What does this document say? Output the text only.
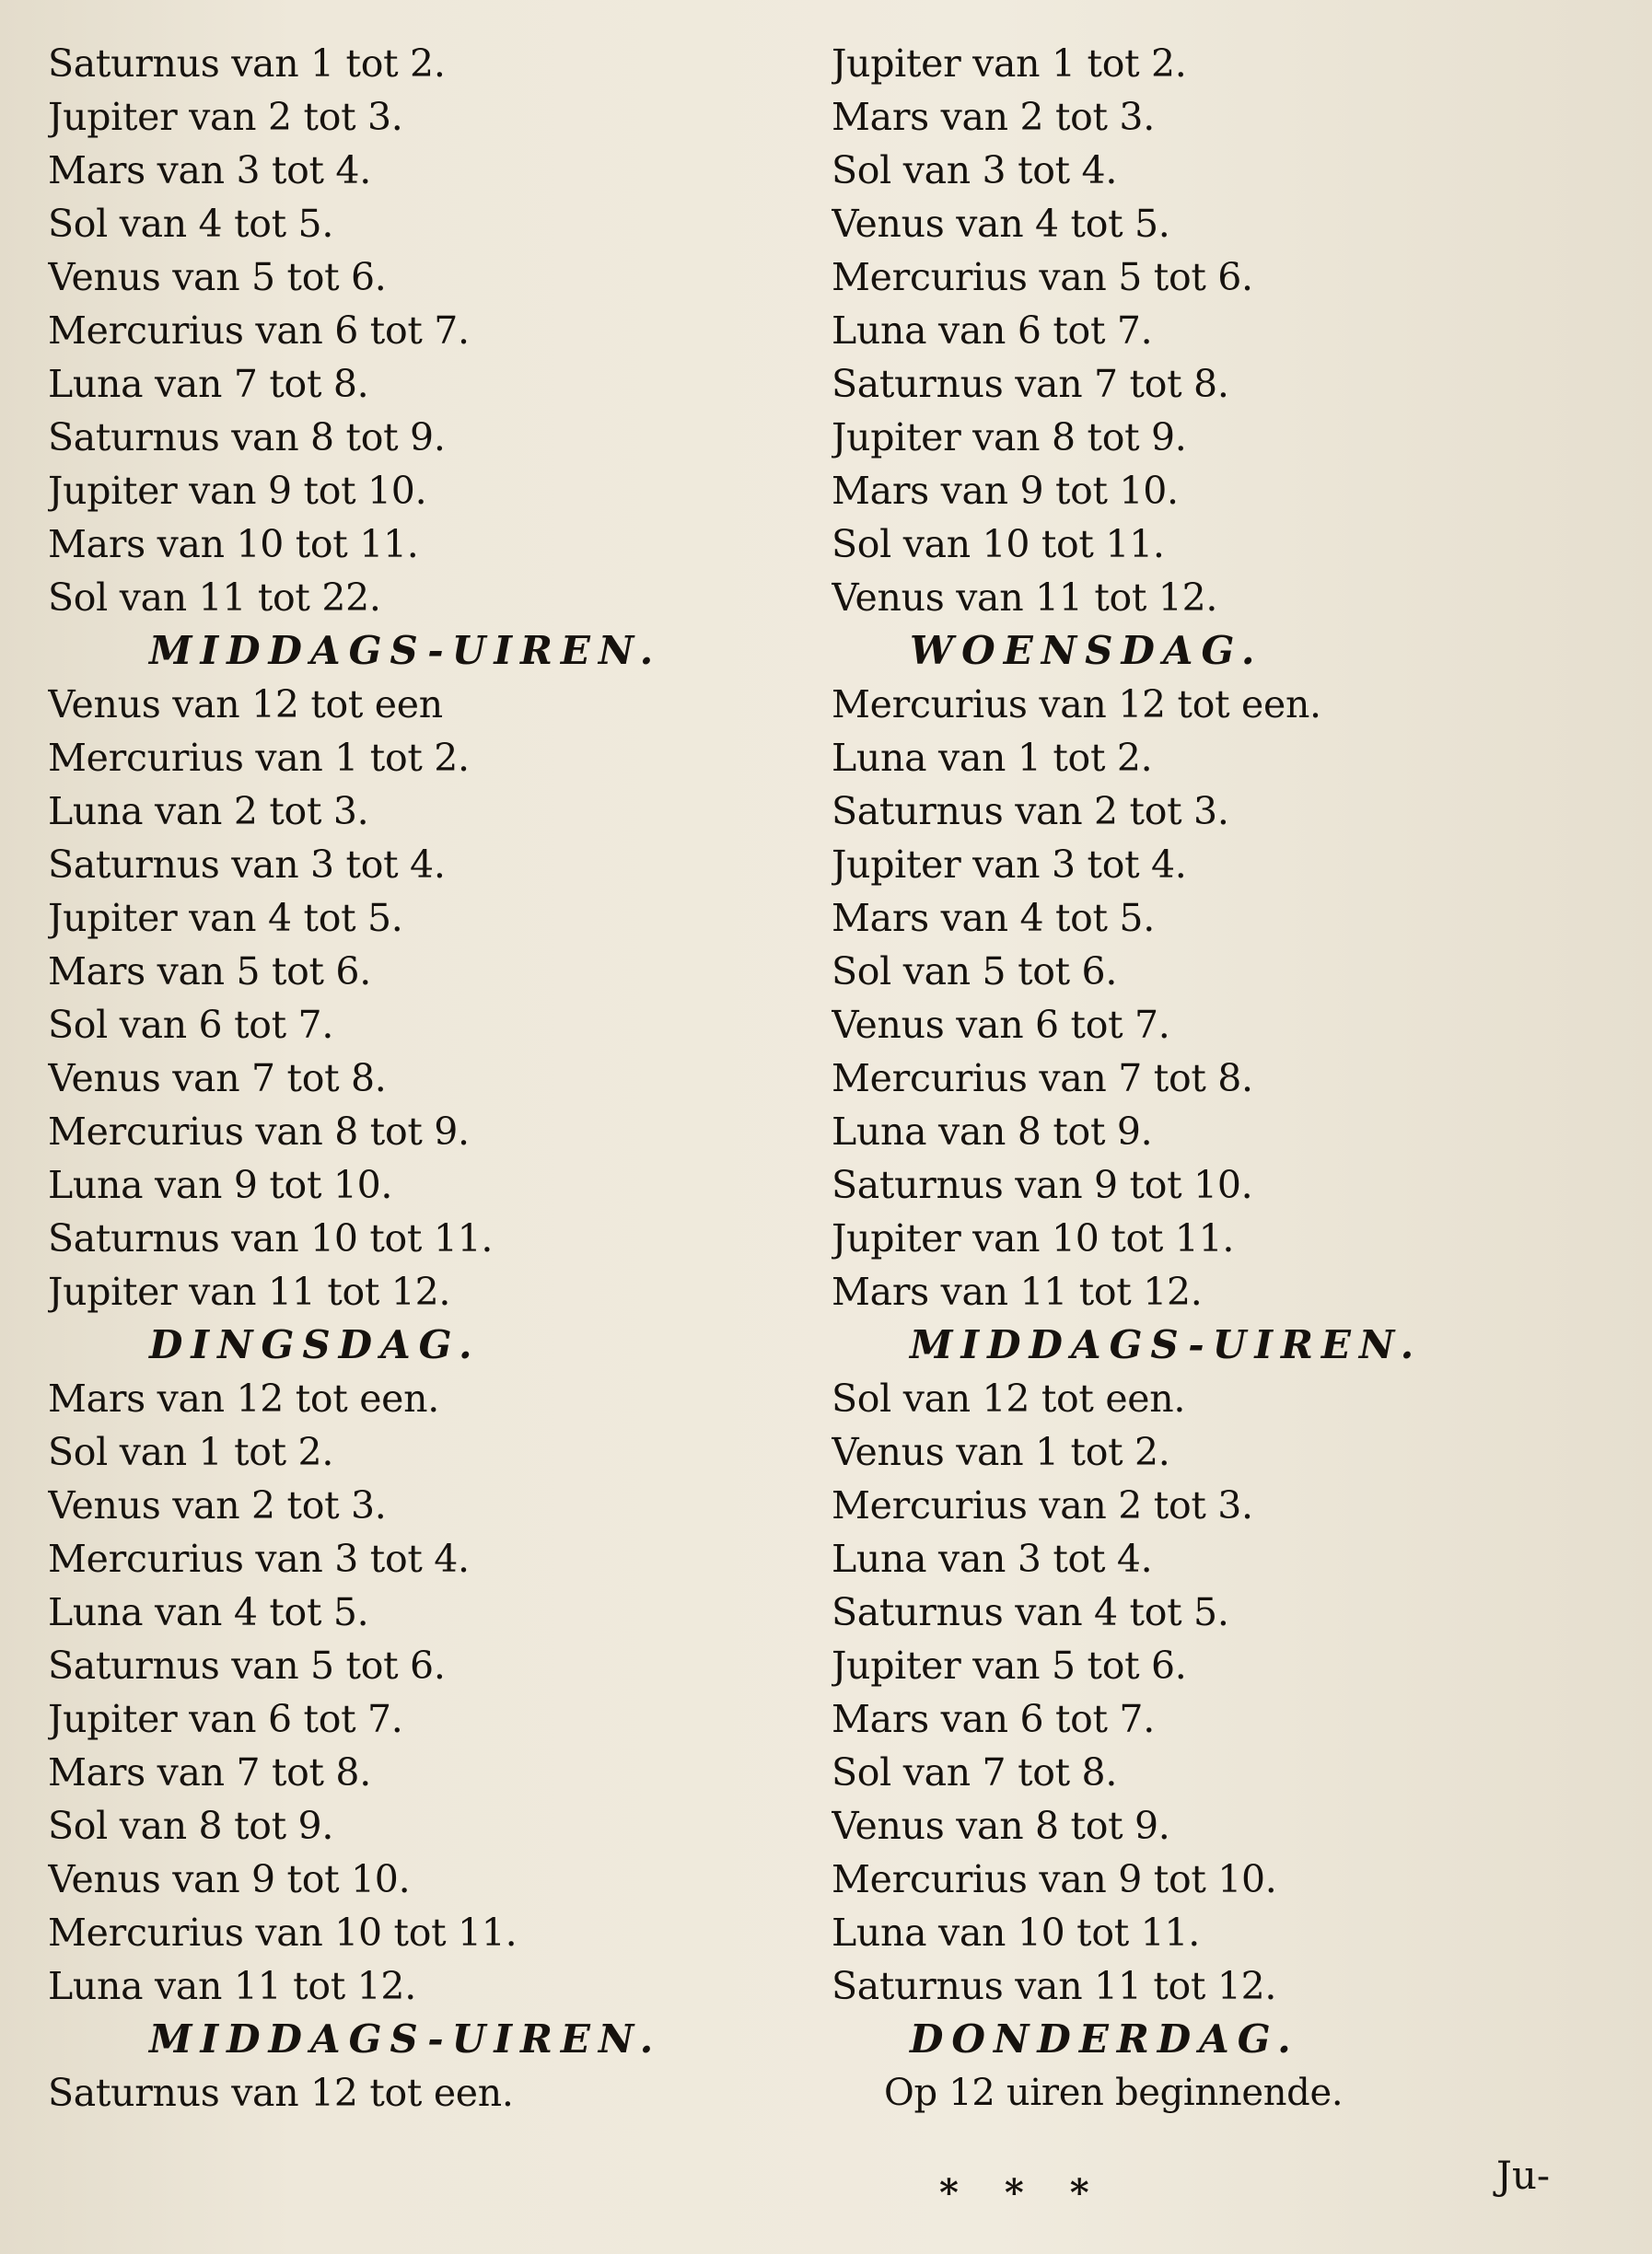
Saturnus van 1 tot 2.
Jupiter van 2 tot 3.
Mars van 3 tot 4.
Sol van 4 tot 5.
Venus van 5 tot 6.
Mercurius van 6 tot 7.
Luna van 7 tot 8.
Saturnus van 8 tot 9.
Jupiter van 9 tot 10.
Mars van 10 tot 11.
Sol van 11 tot 22.
MIDDAGS-UIREN.
Venus van 12 tot een
Mercurius van 1 tot 2.
Luna van 2 tot 3.
Saturnus van 3 tot 4.
Jupiter van 4 tot 5.
Mars van 5 tot 6.
Sol van 6 tot 7.
Venus van 7 tot 8.
Mercurius van 8 tot 9.
Luna van 9 tot 10.
Saturnus van 10 tot 11.
Jupiter van 11 tot 12.
DINGSDAG.
Mars van 12 tot een.
Sol van 1 tot 2.
Venus van 2 tot 3.
Mercurius van 3 tot 4.
Luna van 4 tot 5.
Saturnus van 5 tot 6.
Jupiter van 6 tot 7.
Mars van 7 tot 8.
Sol van 8 tot 9.
Venus van 9 tot 10.
Mercurius van 10 tot 11.
Luna van 11 tot 12.
MIDDAGS-UIREN.
Saturnus van 12 tot een.
Jupiter van 1 tot 2.
Mars van 2 tot 3.
Sol van 3 tot 4.
Venus van 4 tot 5.
Mercurius van 5 tot 6.
Luna van 6 tot 7.
Saturnus van 7 tot 8.
Jupiter van 8 tot 9.
Mars van 9 tot 10.
Sol van 10 tot 11.
Venus van 11 tot 12.
WOENSDAG.
Mercurius van 12 tot een.
Luna van 1 tot 2.
Saturnus van 2 tot 3.
Jupiter van 3 tot 4.
Mars van 4 tot 5.
Sol van 5 tot 6.
Venus van 6 tot 7.
Mercurius van 7 tot 8.
Luna van 8 tot 9.
Saturnus van 9 tot 10.
Jupiter van 10 tot 11.
Mars van 11 tot 12.
MIDDAGS-UIREN.
Sol van 12 tot een.
Venus van 1 tot 2.
Mercurius van 2 tot 3.
Luna van 3 tot 4.
Saturnus van 4 tot 5.
Jupiter van 5 tot 6.
Mars van 6 tot 7.
Sol van 7 tot 8.
Venus van 8 tot 9.
Mercurius van 9 tot 10.
Luna van 10 tot 11.
Saturnus van 11 tot 12.
DONDERDAG.
Op 12 uiren beginnende.
* * *	Ju-
